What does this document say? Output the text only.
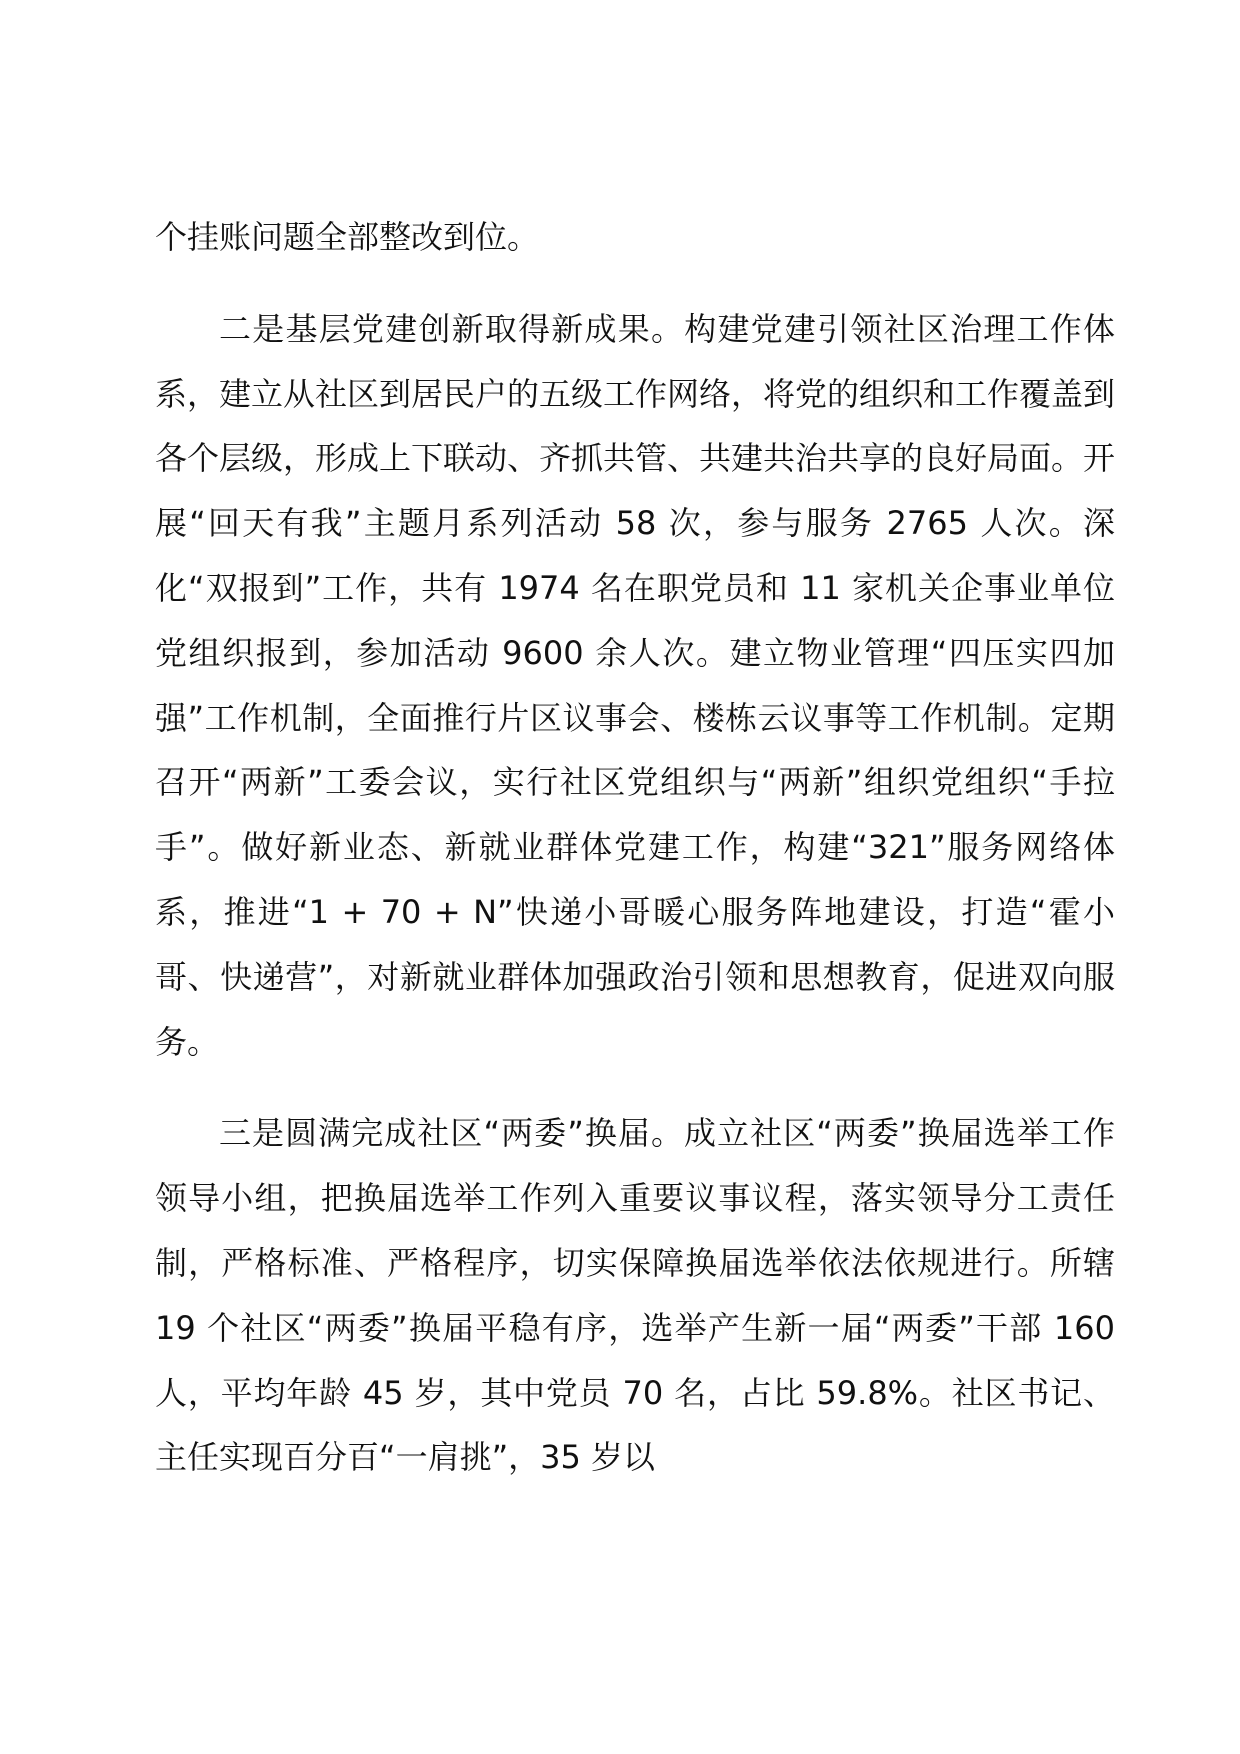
个挂账问题全部整改到位。

二是基层党建创新取得新成果。构建党建引领社区治理工作体系，建立从社区到居民户的五级工作网络，将党的组织和工作覆盖到各个层级，形成上下联动、齐抓共管、共建共治共享的良好局面。开展“回天有我”主题月系列活动 58 次，参与服务 2765 人次。深化“双报到”工作，共有 1974 名在职党员和 11 家机关企事业单位党组织报到，参加活动 9600 余人次。建立物业管理“四压实四加强”工作机制，全面推行片区议事会、楼栋云议事等工作机制。定期召开“两新”工委会议，实行社区党组织与“两新”组织党组织“手拉手”。做好新业态、新就业群体党建工作，构建“321”服务网络体系，推进“1 + 70 + N”快递小哥暖心服务阵地建设，打造“霍小哥、快递营”，对新就业群体加强政治引领和思想教育，促进双向服务。

三是圆满完成社区“两委”换届。成立社区“两委”换届选举工作领导小组，把换届选举工作列入重要议事议程，落实领导分工责任制，严格标准、严格程序，切实保障换届选举依法依规进行。所辖 19 个社区“两委”换届平稳有序，选举产生新一届“两委”干部 160 人，平均年龄 45 岁，其中党员 70 名，占比 59.8%。社区书记、主任实现百分百“一肩挑”，35 岁以
